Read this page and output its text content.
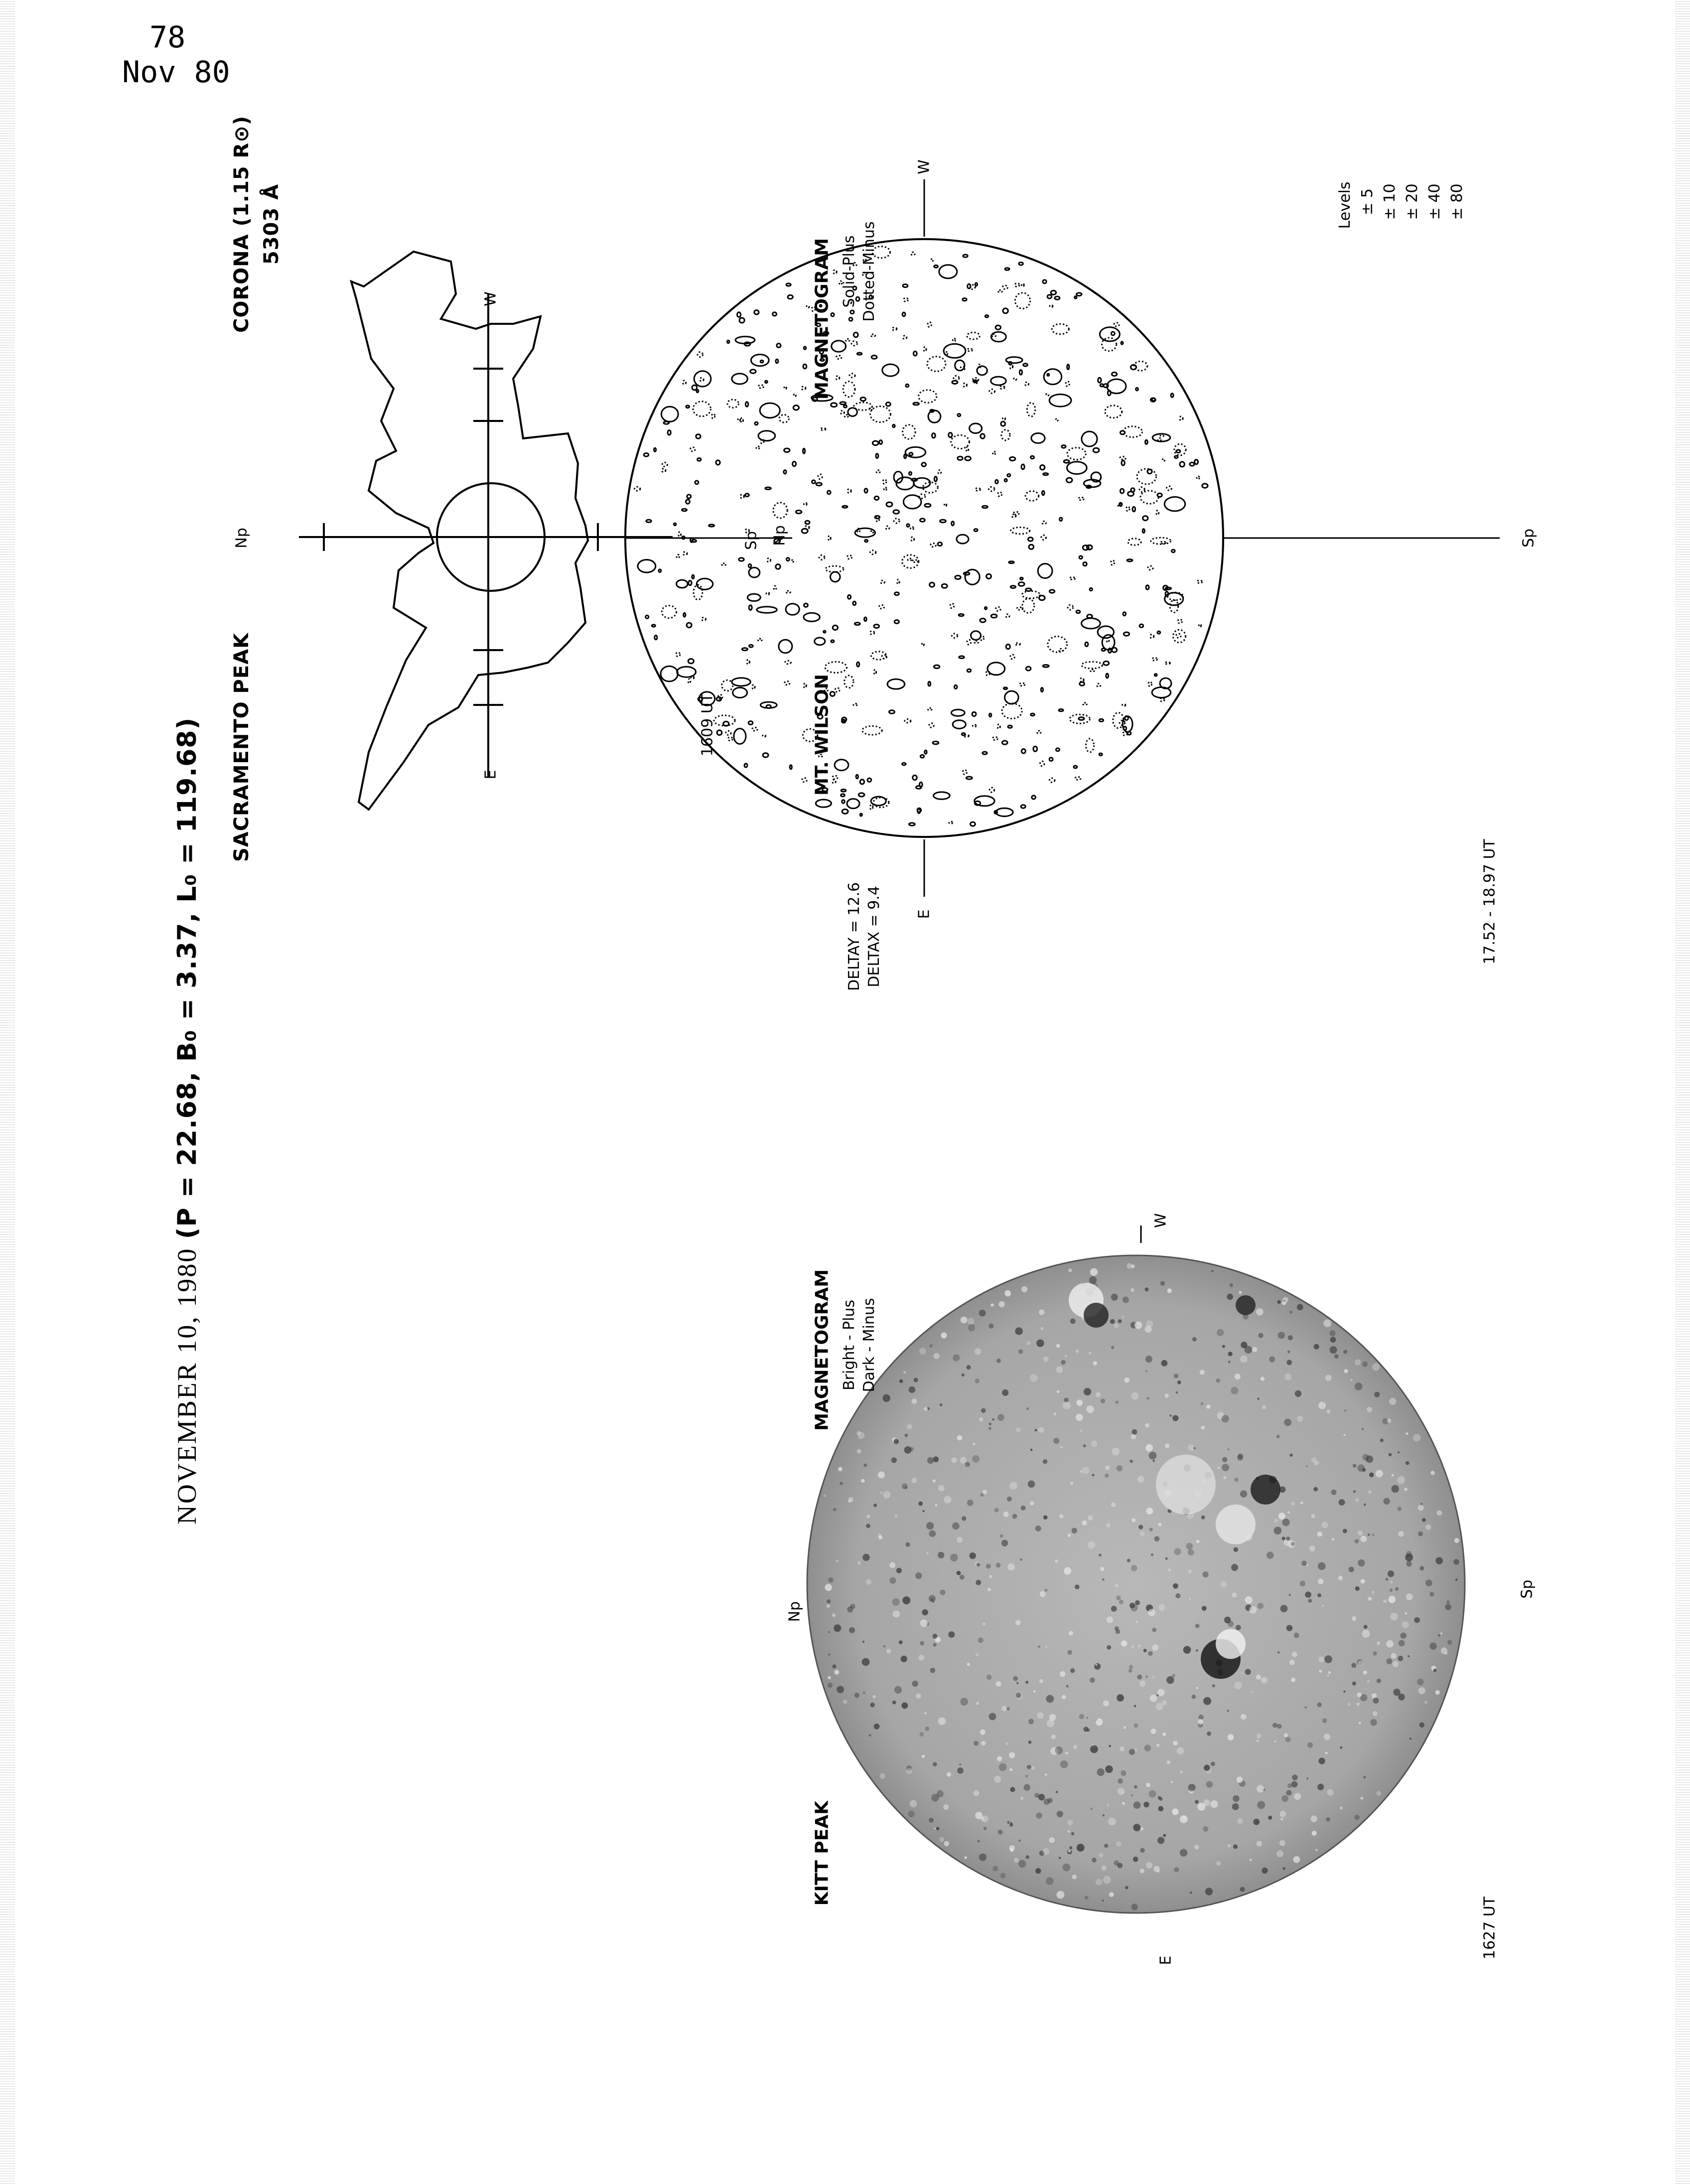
78
Nov 80
NOVEMBER 10, 1980 (P = 22.68, B₀ = 3.37, L₀ = 119.68) SACRAMENTO PEAK
CORONA (1.15 R⊙) 5303 Å
Np
E
W
1609 UT	MT. WILSON
MAGNETOGRAM Solid-Plus Dotted-Minus
Np
Sp	Sp
E
W
DELTAY = 12.6 DELTAX = 9.4	17.52 - 18.97 UT
Levels ± 5 ± 10 ± 20 ± 40 ± 80
KITT PEAK
MAGNETOGRAM Bright - Plus Dark - Minus
Np
Sp
E
W
1627 UT
